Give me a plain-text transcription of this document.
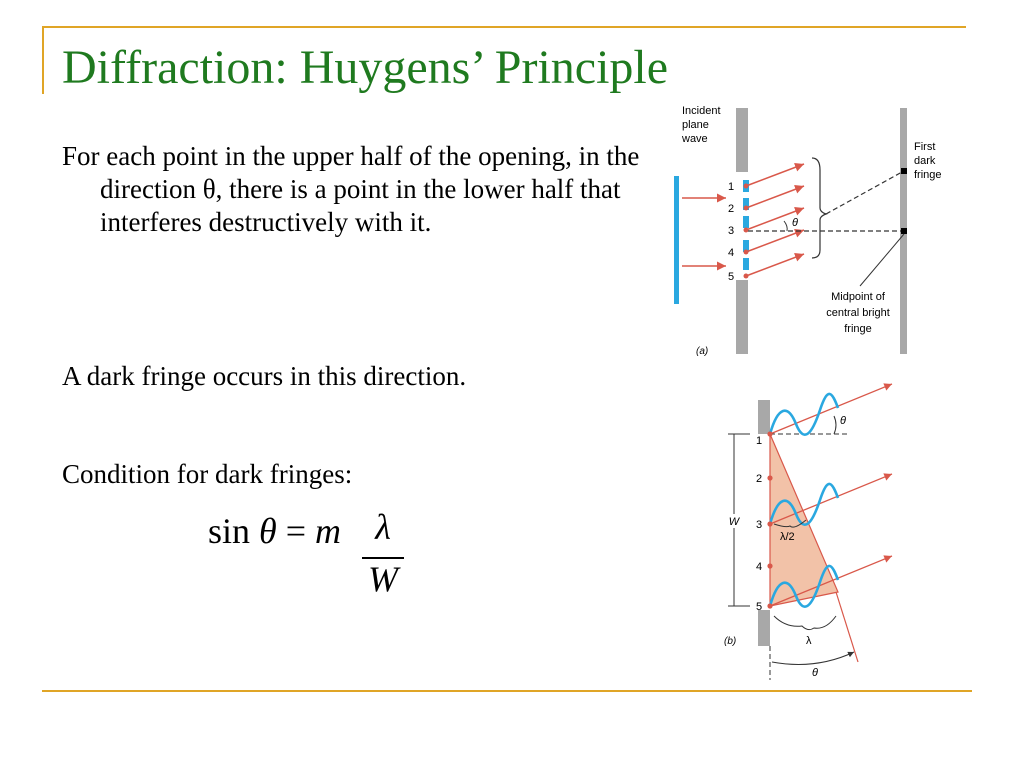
Diffraction: Huygens’ Principle
For each point in the upper half of the opening, in the direction θ, there is a point in the lower half that interferes destructively with it.
A dark fringe occurs in this direction.
Condition for dark fringes:
sin θ = m λ
W
1
2
3
4
5
Incident
plane
wave
θ
First
dark
fringe
Midpoint of
central bright
fringe
(a)
θ
1
2
3
4
5
W
λ/2
λ
θ
(b)
